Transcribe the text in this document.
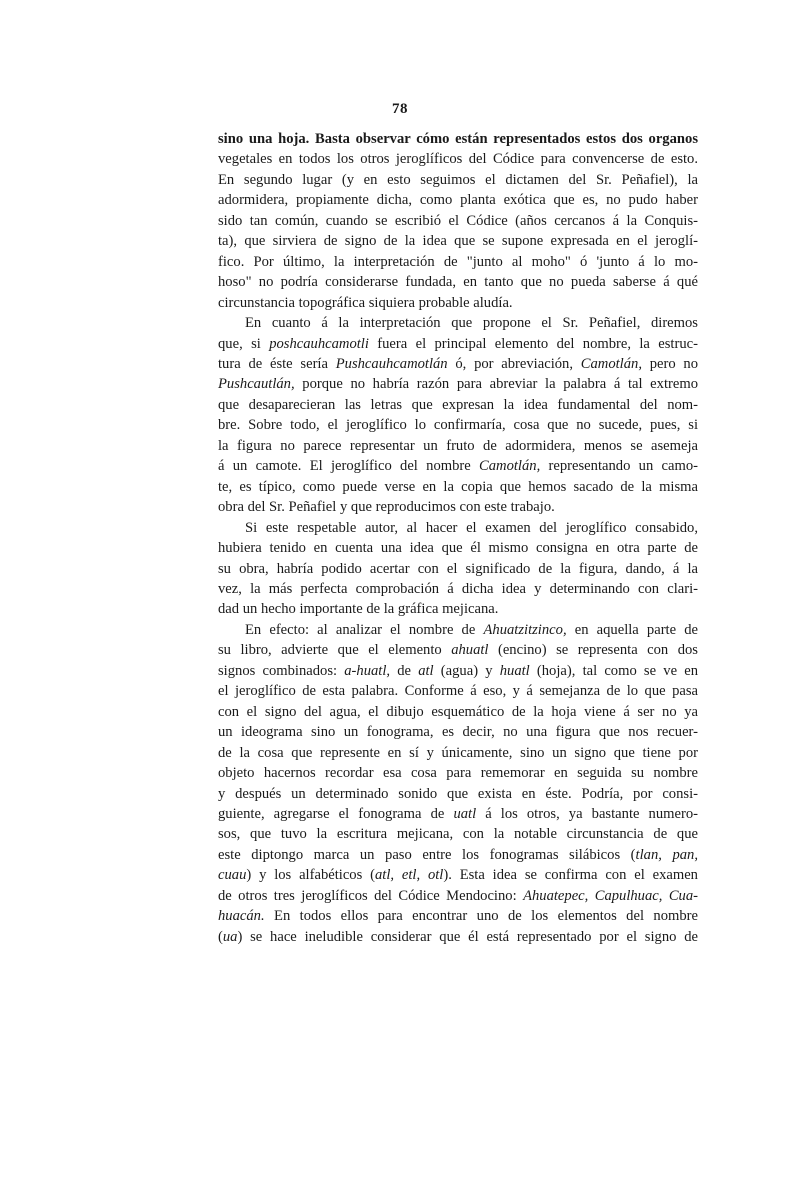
78
sino una hoja. Basta observar cómo están representados estos dos organos
vegetales en todos los otros jeroglíficos del Códice para convencerse de esto.
En segundo lugar (y en esto seguimos el dictamen del Sr. Peñafiel), la
adormidera, propiamente dicha, como planta exótica que es, no pudo haber
sido tan común, cuando se escribió el Códice (años cercanos á la Conquis-
ta), que sirviera de signo de la idea que se supone expresada en el jeroglí-
fico. Por último, la interpretación de "junto al moho" ó 'junto á lo mo-
hoso" no podría considerarse fundada, en tanto que no pueda saberse á qué
circunstancia topográfica siquiera probable aludía.
En cuanto á la interpretación que propone el Sr. Peñafiel, diremos
que, si poshcauhcamotli fuera el principal elemento del nombre, la estruc-
tura de éste sería Pushcauhcamotlán ó, por abreviación, Camotlán, pero no
Pushcautlán, porque no habría razón para abreviar la palabra á tal extremo
que desaparecieran las letras que expresan la idea fundamental del nom-
bre. Sobre todo, el jeroglífico lo confirmaría, cosa que no sucede, pues, si
la figura no parece representar un fruto de adormidera, menos se asemeja
á un camote. El jeroglífico del nombre Camotlán, representando un camo-
te, es típico, como puede verse en la copia que hemos sacado de la misma
obra del Sr. Peñafiel y que reproducimos con este trabajo.
Si este respetable autor, al hacer el examen del jeroglífico consabido,
hubiera tenido en cuenta una idea que él mismo consigna en otra parte de
su obra, habría podido acertar con el significado de la figura, dando, á la
vez, la más perfecta comprobación á dicha idea y determinando con clari-
dad un hecho importante de la gráfica mejicana.
En efecto: al analizar el nombre de Ahuatzitzinco, en aquella parte de
su libro, advierte que el elemento ahuatl (encino) se representa con dos
signos combinados: a-huatl, de atl (agua) y huatl (hoja), tal como se ve en
el jeroglífico de esta palabra. Conforme á eso, y á semejanza de lo que pasa
con el signo del agua, el dibujo esquemático de la hoja viene á ser no ya
un ideograma sino un fonograma, es decir, no una figura que nos recuer-
de la cosa que represente en sí y únicamente, sino un signo que tiene por
objeto hacernos recordar esa cosa para rememorar en seguida su nombre
y después un determinado sonido que exista en éste. Podría, por consi-
guiente, agregarse el fonograma de uatl á los otros, ya bastante numero-
sos, que tuvo la escritura mejicana, con la notable circunstancia de que
este diptongo marca un paso entre los fonogramas silábicos (tlan, pan,
cuau) y los alfabéticos (atl, etl, otl). Esta idea se confirma con el examen
de otros tres jeroglíficos del Códice Mendocino: Ahuatepec, Capulhuac, Cua-
huacán. En todos ellos para encontrar uno de los elementos del nombre
(ua) se hace ineludible considerar que él está representado por el signo de
